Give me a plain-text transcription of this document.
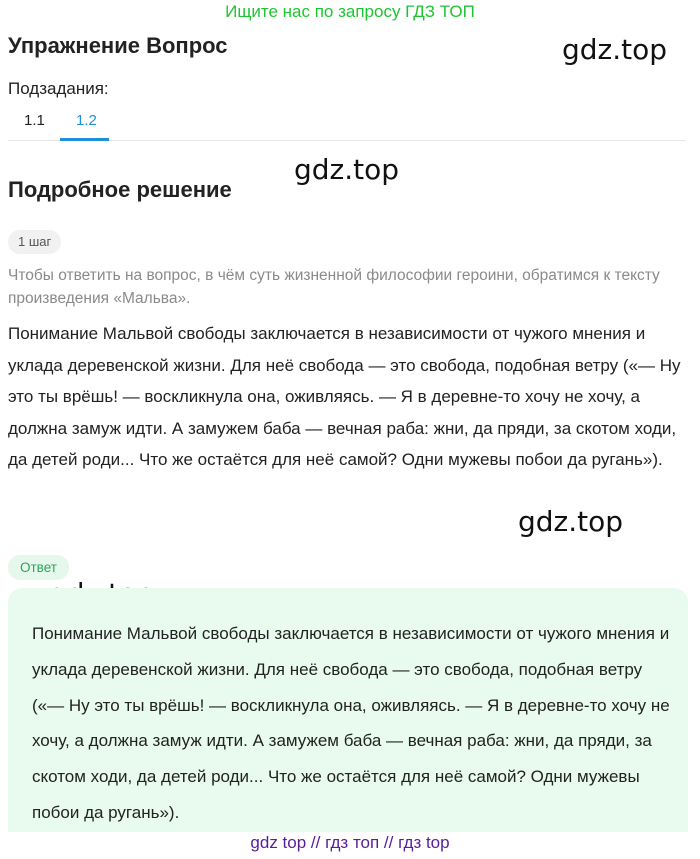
Ищите нас по запросу ГДЗ ТОП
Упражнение Вопрос	gdz.top
gdz.top
gdz.top
Подзадания:
1.1 1.2
Подробное решение
1 шаг

Чтобы ответить на вопрос, в чём суть жизненной философии героини, обратимся к тексту произведения «Мальва».

Понимание Мальвой свободы заключается в независимости от чужого мнения и уклада деревенской жизни. Для неё свобода — это свобода, подобная ветру («— Ну это ты врёшь! — воскликнула она, оживляясь. — Я в деревне-то хочу не хочу, а должна замуж идти. А замужем баба — вечная раба: жни, да пряди, за скотом ходи, да детей роди... Что же остаётся для неё самой? Одни мужевы побои да ругань»).

Ответ

Понимание Мальвой свободы заключается в независимости от чужого мнения и уклада деревенской жизни. Для неё свобода — это свобода, подобная ветру («— Ну это ты врёшь! — воскликнула она, оживляясь. — Я в деревне-то хочу не хочу, а должна замуж идти. А замужем баба — вечная раба: жни, да пряди, за скотом ходи, да детей роди... Что же остаётся для неё самой? Одни мужевы побои да ругань»).

gdz top // гдз топ // гдз top
